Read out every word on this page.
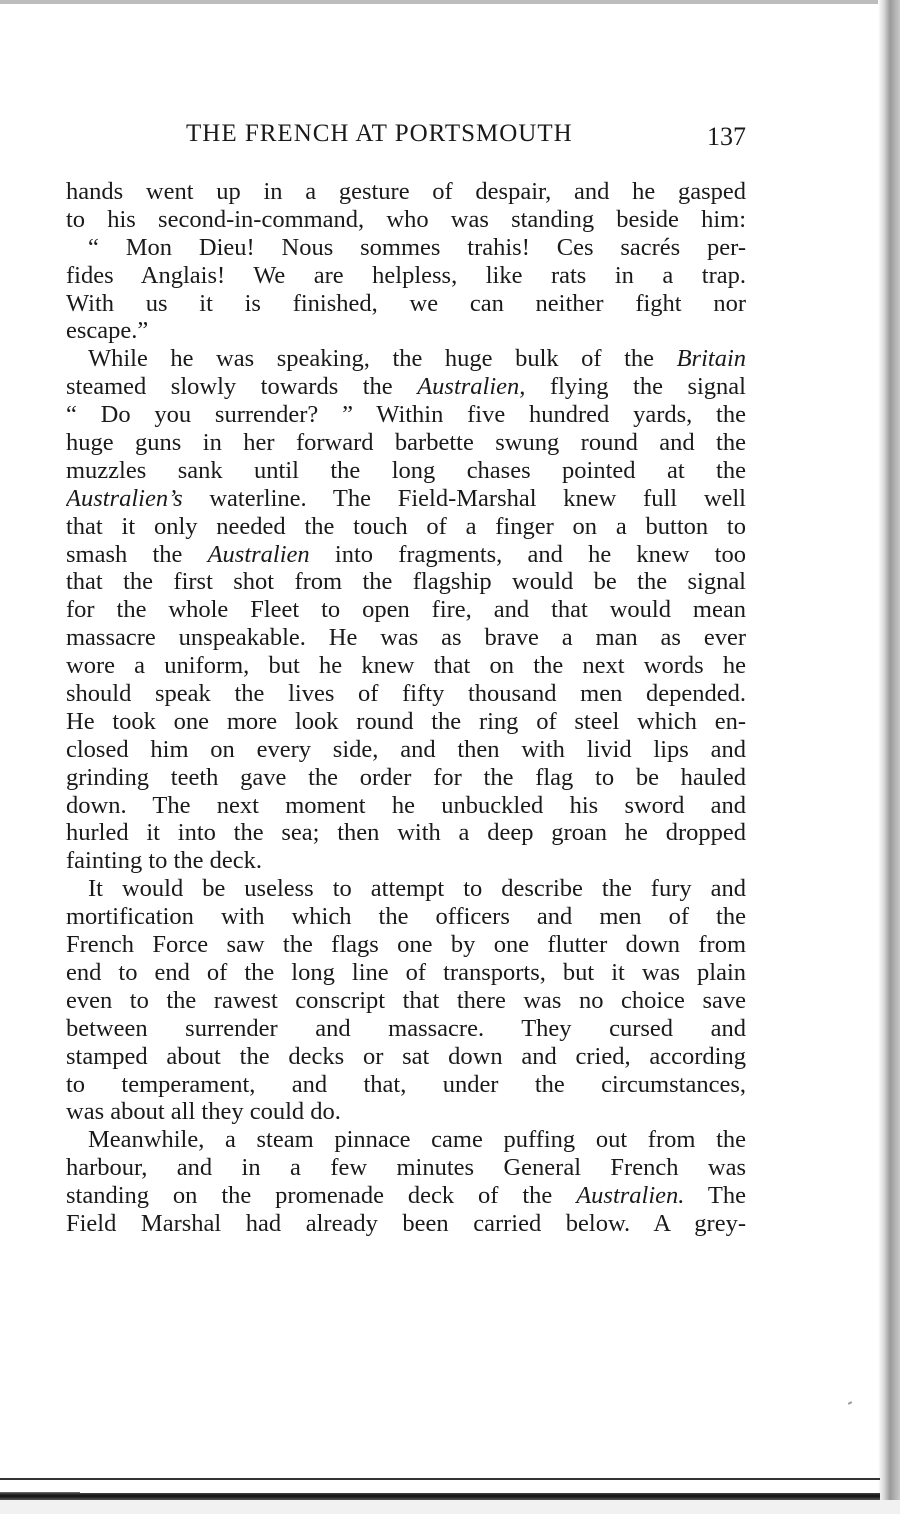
THE FRENCH AT PORTSMOUTH	137
hands went up in a gesture of despair, and he gasped
to his second-in-command, who was standing beside him:
“ Mon Dieu! Nous sommes trahis! Ces sacrés per-
fides Anglais! We are helpless, like rats in a trap.
With us it is finished, we can neither fight nor
escape.”
While he was speaking, the huge bulk of the Britain
steamed slowly towards the Australien, flying the signal
“ Do you surrender? ” Within five hundred yards, the
huge guns in her forward barbette swung round and the
muzzles sank until the long chases pointed at the
Australien’s waterline. The Field-Marshal knew full well
that it only needed the touch of a finger on a button to
smash the Australien into fragments, and he knew too
that the first shot from the flagship would be the signal
for the whole Fleet to open fire, and that would mean
massacre unspeakable. He was as brave a man as ever
wore a uniform, but he knew that on the next words he
should speak the lives of fifty thousand men depended.
He took one more look round the ring of steel which en-
closed him on every side, and then with livid lips and
grinding teeth gave the order for the flag to be hauled
down. The next moment he unbuckled his sword and
hurled it into the sea; then with a deep groan he dropped
fainting to the deck.
It would be useless to attempt to describe the fury and
mortification with which the officers and men of the
French Force saw the flags one by one flutter down from
end to end of the long line of transports, but it was plain
even to the rawest conscript that there was no choice save
between surrender and massacre. They cursed and
stamped about the decks or sat down and cried, according
to temperament, and that, under the circumstances,
was about all they could do.
Meanwhile, a steam pinnace came puffing out from the
harbour, and in a few minutes General French was
standing on the promenade deck of the Australien. The
Field Marshal had already been carried below. A grey-
